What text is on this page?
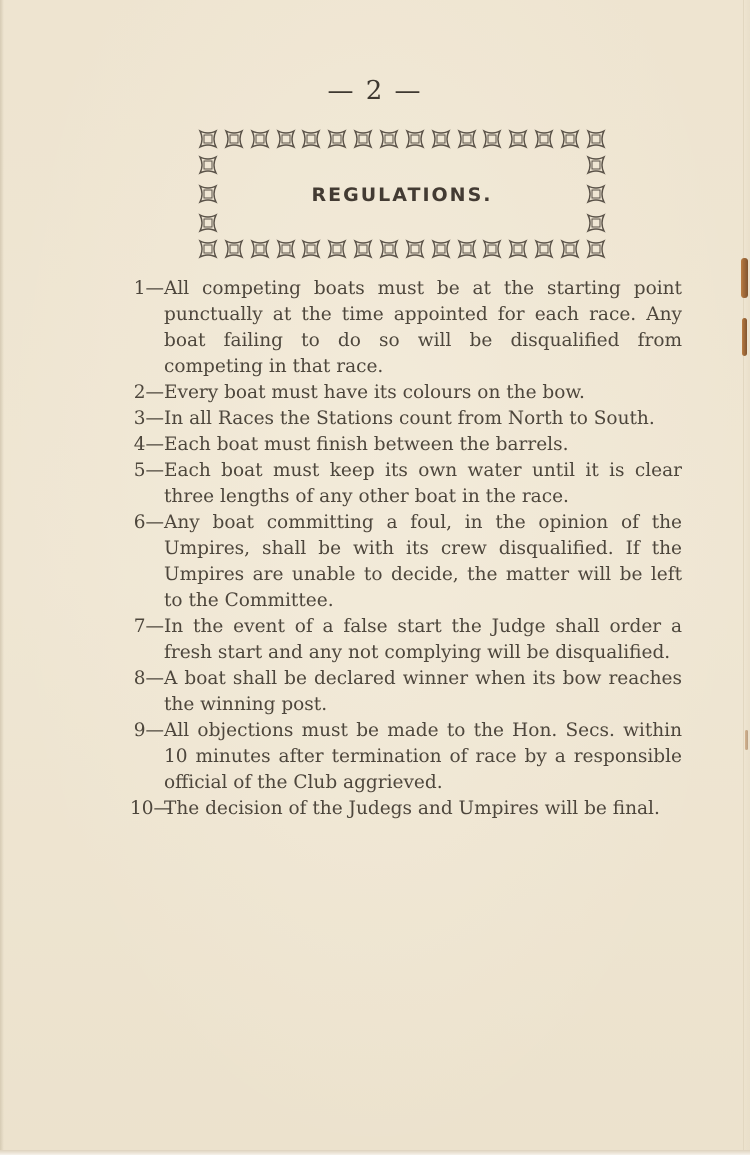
— 2 —
REGULATIONS.
1— All competing boats must be at the starting point punctually at the time appointed for each race. Any boat failing to do so will be disqualified from competing in that race.
2— Every boat must have its colours on the bow.
3— In all Races the Stations count from North to South.
4— Each boat must finish between the barrels.
5— Each boat must keep its own water until it is clear three lengths of any other boat in the race.
6— Any boat committing a foul, in the opinion of the Umpires, shall be with its crew disqualified. If the Umpires are unable to decide, the matter will be left to the Committee.
7— In the event of a false start the Judge shall order a fresh start and any not complying will be disqualified.
8— A boat shall be declared winner when its bow reaches the winning post.
9— All objections must be made to the Hon. Secs. within 10 minutes after termination of race by a responsible official of the Club aggrieved.
10—
The decision of the Judegs and Umpires will be final.
